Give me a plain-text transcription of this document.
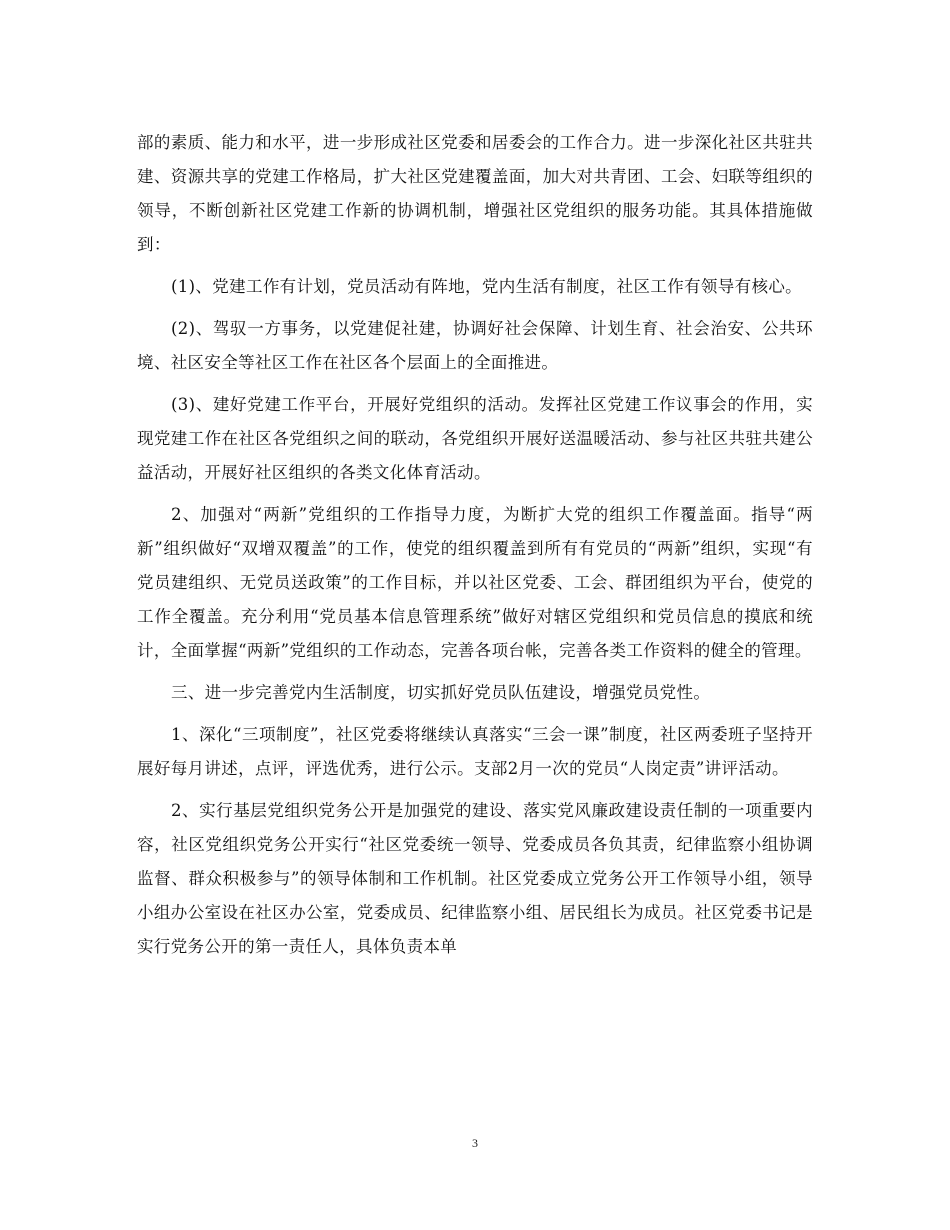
部的素质、能力和水平，进一步形成社区党委和居委会的工作合力。进一步深化社区共驻共建、资源共享的党建工作格局，扩大社区党建覆盖面，加大对共青团、工会、妇联等组织的领导，不断创新社区党建工作新的协调机制，增强社区党组织的服务功能。其具体措施做到：

(1)、党建工作有计划，党员活动有阵地，党内生活有制度，社区工作有领导有核心。

(2)、驾驭一方事务，以党建促社建，协调好社会保障、计划生育、社会治安、公共环境、社区安全等社区工作在社区各个层面上的全面推进。

(3)、建好党建工作平台，开展好党组织的活动。发挥社区党建工作议事会的作用，实现党建工作在社区各党组织之间的联动，各党组织开展好送温暖活动、参与社区共驻共建公益活动，开展好社区组织的各类文化体育活动。

2、加强对“两新”党组织的工作指导力度，为断扩大党的组织工作覆盖面。指导“两新”组织做好“双增双覆盖”的工作，使党的组织覆盖到所有有党员的“两新”组织，实现“有党员建组织、无党员送政策”的工作目标，并以社区党委、工会、群团组织为平台，使党的工作全覆盖。充分利用“党员基本信息管理系统”做好对辖区党组织和党员信息的摸底和统计，全面掌握“两新”党组织的工作动态，完善各项台帐，完善各类工作资料的健全的管理。

三、进一步完善党内生活制度，切实抓好党员队伍建设，增强党员党性。

1、深化“三项制度”，社区党委将继续认真落实“三会一课”制度，社区两委班子坚持开展好每月讲述，点评，评选优秀，进行公示。支部2月一次的党员“人岗定责”讲评活动。

2、实行基层党组织党务公开是加强党的建设、落实党风廉政建设责任制的一项重要内容，社区党组织党务公开实行“社区党委统一领导、党委成员各负其责，纪律监察小组协调监督、群众积极参与”的领导体制和工作机制。社区党委成立党务公开工作领导小组，领导小组办公室设在社区办公室，党委成员、纪律监察小组、居民组长为成员。社区党委书记是实行党务公开的第一责任人，具体负责本单

3
